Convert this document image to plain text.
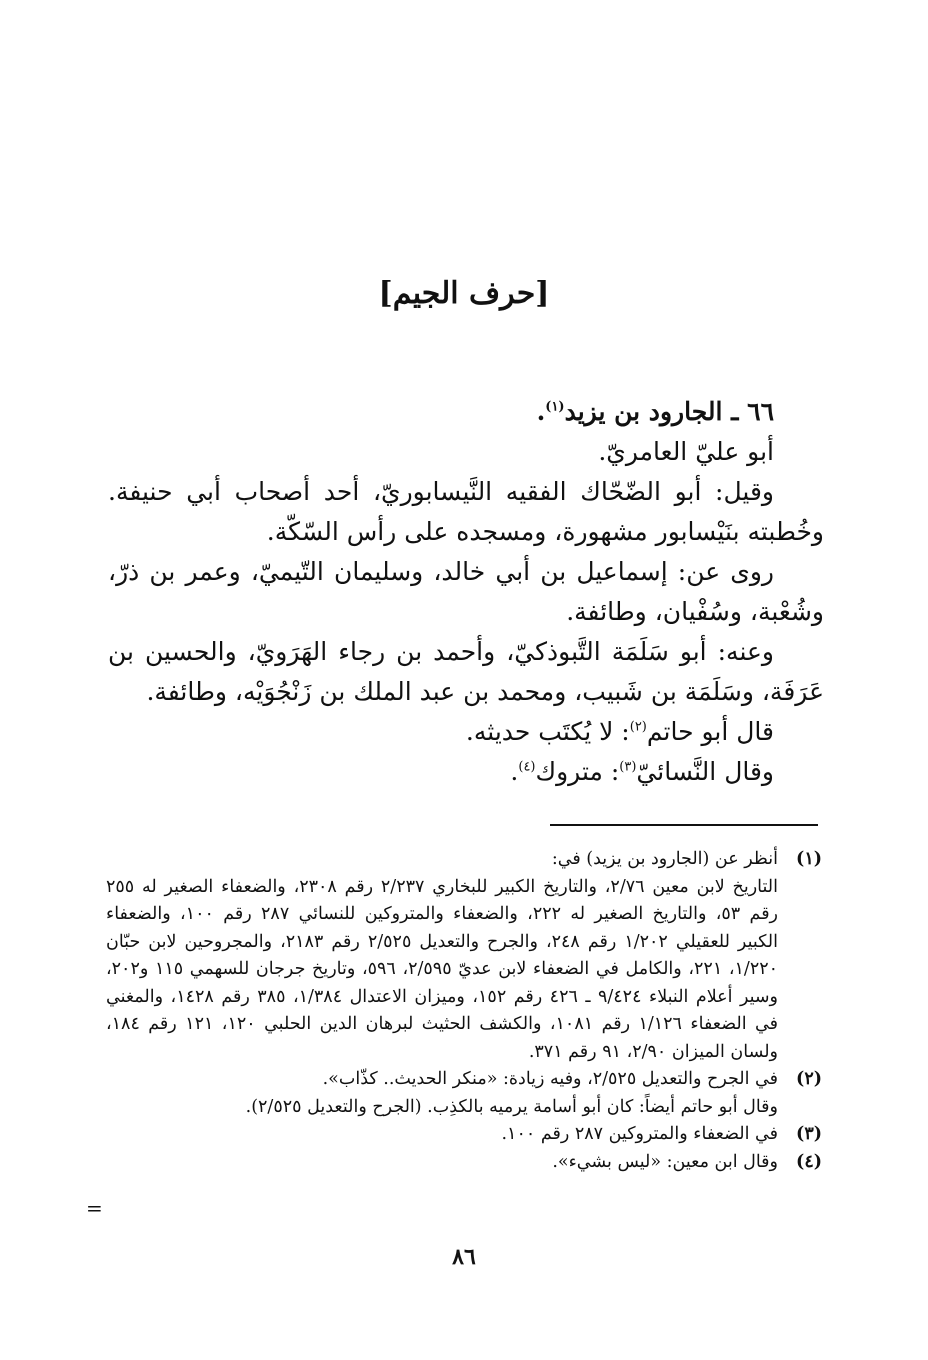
[حرف الجيم]

٦٦ ـ الجارود بن يزيد$^{(١)}$.

أبو عليّ العامريّ.

وقيل: أبو الضّحّاك الفقيه النَّيسابوريّ، أحد أصحاب أبي حنيفة. وخُطبته بنَيْسابور مشهورة، ومسجده على رأس السّكّة.

روى عن: إسماعيل بن أبي خالد، وسليمان التّيميّ، وعمر بن ذرّ، وشُعْبة، وسُفْيان، وطائفة.

وعنه: أبو سَلَمَة التَّبوذكيّ، وأحمد بن رجاء الهَرَويّ، والحسين بن عَرَفَة، وسَلَمَة بن شَبيب، ومحمد بن عبد الملك بن زَنْجُوَيْه، وطائفة.

قال أبو حاتم$^{(٢)}$: لا يُكتَب حديثه.

وقال النَّسائيّ$^{(٣)}$: متروك$^{(٤)}$.

(١)

أنظر عن (الجارود بن يزيد) في:

التاريخ لابن معين ٢/٧٦، والتاريخ الكبير للبخاري ٢/٢٣٧ رقم ٢٣٠٨، والضعفاء الصغير له ٢٥٥ رقم ٥٣، والتاريخ الصغير له ٢٢٢، والضعفاء والمتروكين للنسائي ٢٨٧ رقم ١٠٠، والضعفاء الكبير للعقيلي ١/٢٠٢ رقم ٢٤٨، والجرح والتعديل ٢/٥٢٥ رقم ٢١٨٣، والمجروحين لابن حبّان ١/٢٢٠، ٢٢١، والكامل في الضعفاء لابن عديّ ٢/٥٩٥، ٥٩٦، وتاريخ جرجان للسهمي ١١٥ و٢٠٢، وسير أعلام النبلاء ٩/٤٢٤ ـ ٤٢٦ رقم ١٥٢، وميزان الاعتدال ١/٣٨٤، ٣٨٥ رقم ١٤٢٨، والمغني في الضعفاء ١/١٢٦ رقم ١٠٨١، والكشف الحثيث لبرهان الدين الحلبي ١٢٠، ١٢١ رقم ١٨٤، ولسان الميزان ٢/٩٠، ٩١ رقم ٣٧١.

(٢)

في الجرح والتعديل ٢/٥٢٥، وفيه زيادة: «منكر الحديث.. كذّاب».

وقال أبو حاتم أيضاً: كان أبو أسامة يرميه بالكذِب. (الجرح والتعديل ٢/٥٢٥).

(٣)

في الضعفاء والمتروكين ٢٨٧ رقم ١٠٠.

(٤)

وقال ابن معين: «ليس بشيء».

=
٨٦
